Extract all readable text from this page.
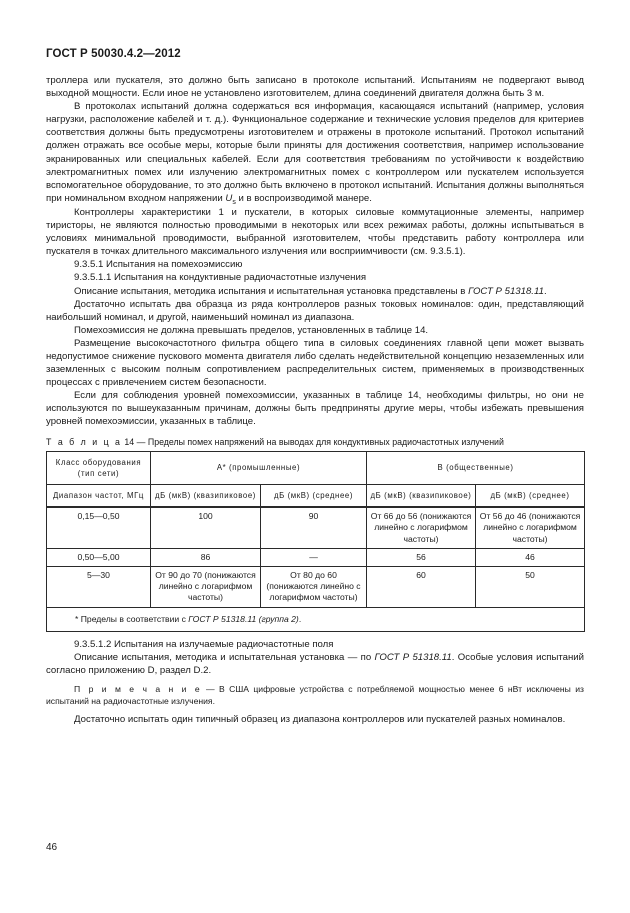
ГОСТ Р 50030.4.2—2012

троллера или пускателя, это должно быть записано в протоколе испытаний. Испытаниям не подвергают вывод выходной мощности. Если иное не установлено изготовителем, длина соединений двигателя должна быть 3 м.

В протоколах испытаний должна содержаться вся информация, касающаяся испытаний (например, условия нагрузки, расположение кабелей и т. д.). Функциональное содержание и технические условия пределов для критериев соответствия должны быть предусмотрены изготовителем и отражены в протоколе испытаний. Протокол испытаний должен отражать все особые меры, которые были приняты для достижения соответствия, например использование экранированных или специальных кабелей. Если для соответствия требованиям по устойчивости к воздействию электромагнитных помех или излучению электромагнитных помех с контроллером или пускателем используется вспомогательное оборудование, то это должно быть включено в протокол испытаний. Испытания должны выполняться при номинальном входном напряжении $U_s$ и в воспроизводимой манере.

Контроллеры характеристики 1 и пускатели, в которых силовые коммутационные элементы, например тиристоры, не являются полностью проводимыми в некоторых или всех режимах работы, должны испытываться в условиях минимальной проводимости, выбранной изготовителем, чтобы представить работу контроллера или пускателя в точках длительного максимального излучения или восприимчивости (см. 9.3.5.1).

9.3.5.1 Испытания на помехоэмиссию

9.3.5.1.1 Испытания на кондуктивные радиочастотные излучения

Описание испытания, методика испытания и испытательная установка представлены в ГОСТ Р 51318.11.

Достаточно испытать два образца из ряда контроллеров разных токовых номиналов: один, представляющий наибольший номинал, и другой, наименьший номинал из диапазона.

Помехоэмиссия не должна превышать пределов, установленных в таблице 14.

Размещение высокочастотного фильтра общего типа в силовых соединениях главной цепи может вызвать недопустимое снижение пускового момента двигателя либо сделать недействительной концепцию незаземленных или заземленных с высоким полным сопротивлением распределительных систем, применяемых в производственных процессах с привлечением систем безопасности.

Если для соблюдения уровней помехоэмиссии, указанных в таблице 14, необходимы фильтры, но они не используются по вышеуказанным причинам, должны быть предприняты другие меры, чтобы избежать превышения уровней помехоэмиссии, указанных в таблице.

Т а б л и ц а 14 — Пределы помех напряжений на выводах для кондуктивных радиочастотных излучений
Класс оборудования (тип сети)	А* (промышленные)		В (общественные)	
Диапазон частот, МГц	дБ (мкВ) (квазипиковое)	дБ (мкВ) (среднее)	дБ (мкВ) (квазипиковое)	дБ (мкВ) (среднее)
0,15—0,50	100	90	От 66 до 56 (понижаются линейно с логарифмом частоты)	От 56 до 46 (понижаются линейно с логарифмом частоты)
0,50—5,00	86	—	56	46
5—30	От 90 до 70 (понижаются линейно с логарифмом частоты)	От 80 до 60 (понижаются линейно с логарифмом частоты)	60	50
* Пределы в соответствии с ГОСТ Р 51318.11 (группа 2).				

9.3.5.1.2 Испытания на излучаемые радиочастотные поля

Описание испытания, методика и испытательная установка — по ГОСТ Р 51318.11. Особые условия испытаний согласно приложению D, раздел D.2.

П р и м е ч а н и е — В США цифровые устройства с потребляемой мощностью менее 6 нВт исключены из испытаний на радиочастотные излучения.

Достаточно испытать один типичный образец из диапазона контроллеров или пускателей разных номиналов.

46
